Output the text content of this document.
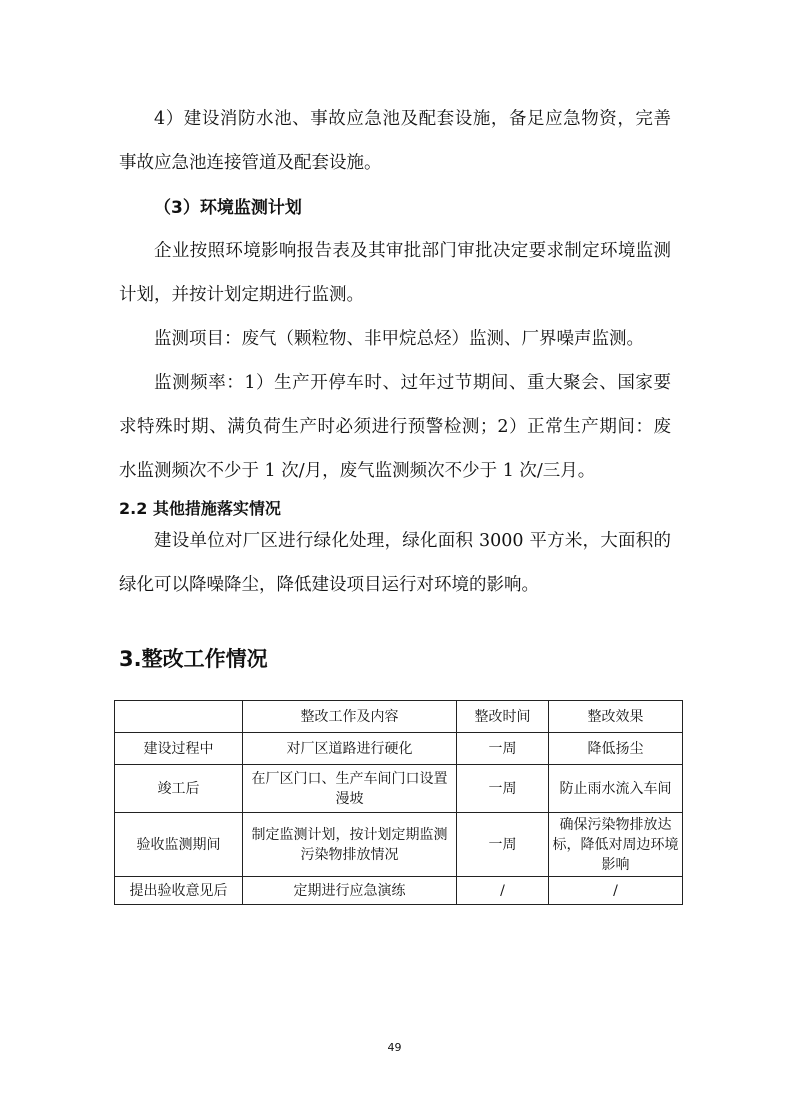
4）建设消防水池、事故应急池及配套设施，备足应急物资，完善事故应急池连接管道及配套设施。

（3）环境监测计划

企业按照环境影响报告表及其审批部门审批决定要求制定环境监测计划，并按计划定期进行监测。

监测项目：废气（颗粒物、非甲烷总烃）监测、厂界噪声监测。

监测频率：1）生产开停车时、过年过节期间、重大聚会、国家要求特殊时期、满负荷生产时必须进行预警检测；2）正常生产期间：废水监测频次不少于 1 次/月，废气监测频次不少于 1 次/三月。

2.2 其他措施落实情况

建设单位对厂区进行绿化处理，绿化面积 3000 平方米，大面积的绿化可以降噪降尘，降低建设项目运行对环境的影响。

3.整改工作情况

	整改工作及内容	整改时间	整改效果
建设过程中	对厂区道路进行硬化	一周	降低扬尘
竣工后	在厂区门口、生产车间门口设置漫坡	一周	防止雨水流入车间
验收监测期间	制定监测计划，按计划定期监测污染物排放情况	一周	确保污染物排放达标，降低对周边环境影响
提出验收意见后	定期进行应急演练	/	/
49
